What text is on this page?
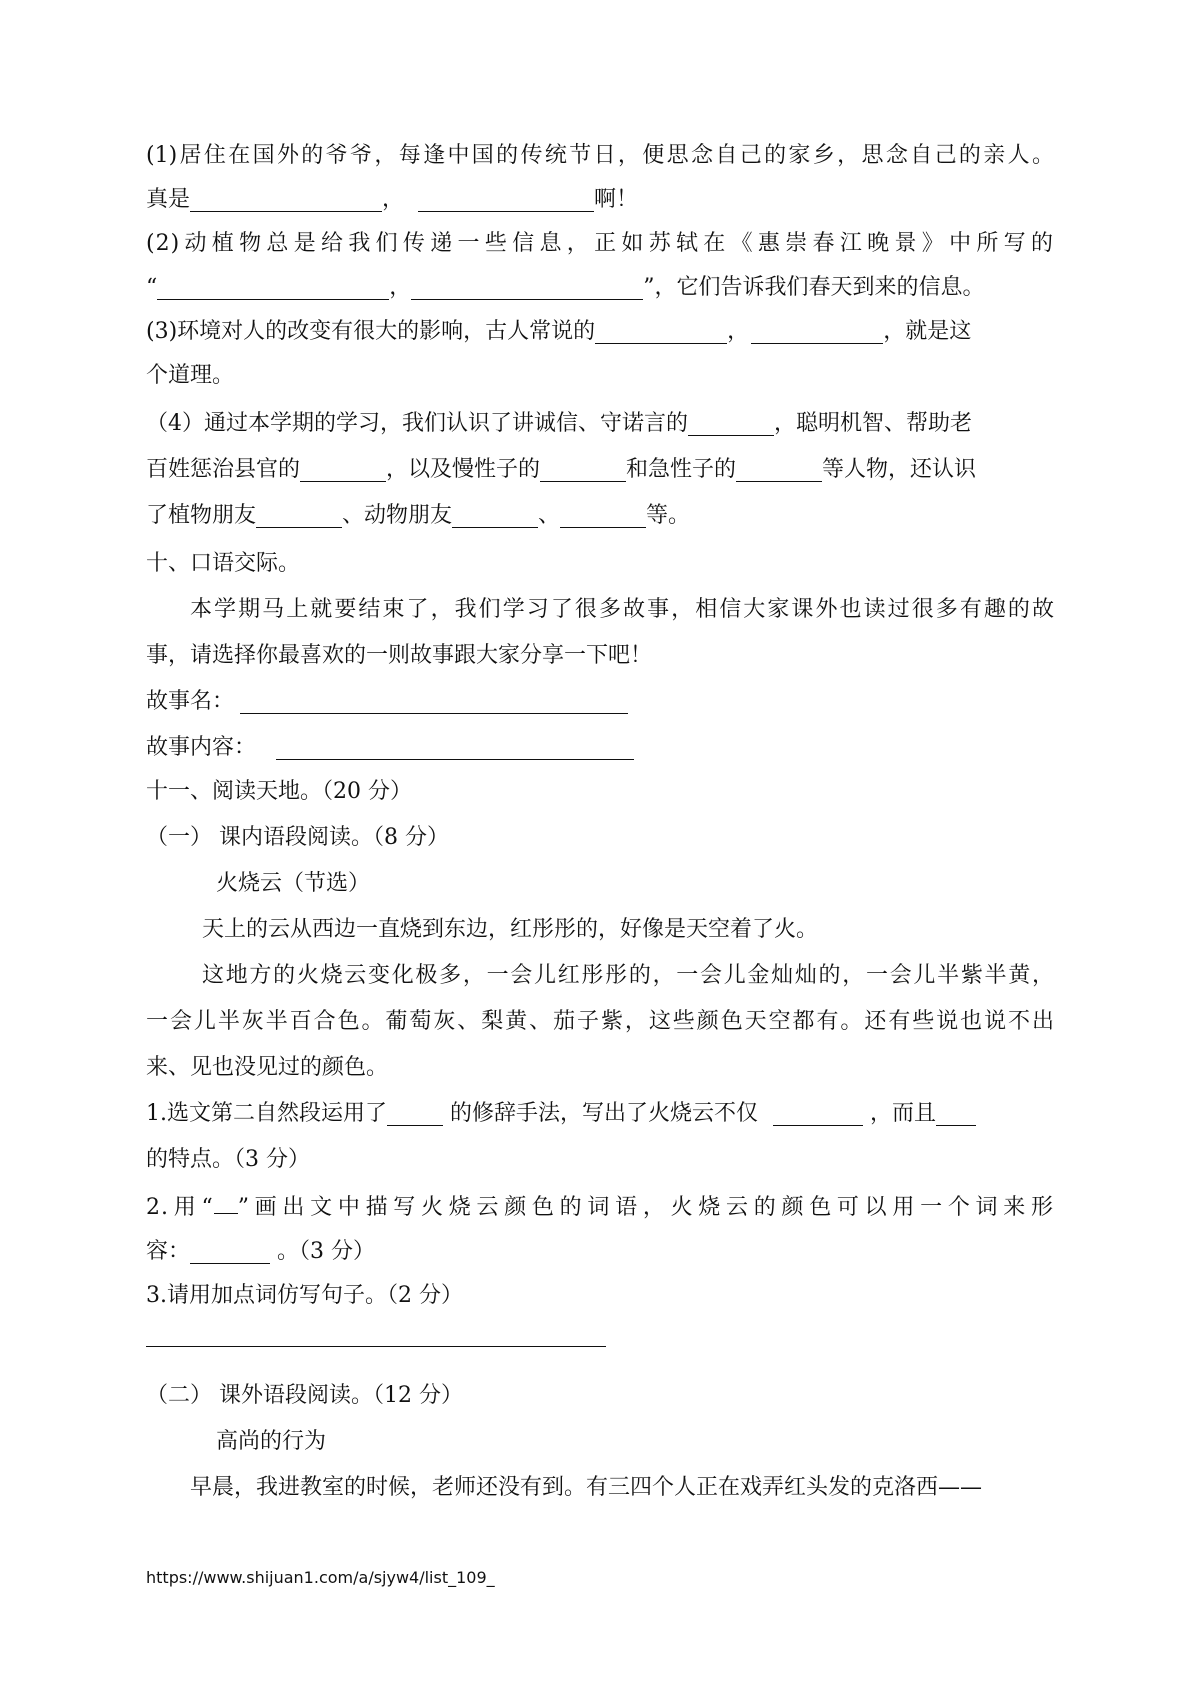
(1)居住在国外的爷爷，每逢中国的传统节日，便思念自己的家乡，思念自己的亲人。
真是	，	啊！
(2)动植物总是给我们传递一些信息，正如苏轼在《惠崇春江晚景》中所写的
“	，	”，它们告诉我们春天到来的信息。
(3)环境对人的改变有很大的影响，古人常说的	，	，就是这
个道理。
（4）通过本学期的学习，我们认识了讲诚信、守诺言的	，聪明机智、帮助老
百姓惩治县官的	，以及慢性子的	和急性子的	等人物，还认识
了植物朋友	、动物朋友	、	等。
十、口语交际。
本学期马上就要结束了，我们学习了很多故事，相信大家课外也读过很多有趣的故
事，请选择你最喜欢的一则故事跟大家分享一下吧！
故事名：
故事内容：
十一、阅读天地。（20 分）
（一） 课内语段阅读。（8 分）
火烧云（节选）
天上的云从西边一直烧到东边，红彤彤的，好像是天空着了火。
这地方的火烧云变化极多，一会儿红彤彤的，一会儿金灿灿的，一会儿半紫半黄，
一会儿半灰半百合色。葡萄灰、梨黄、茄子紫，这些颜色天空都有。还有些说也说不出
来、见也没见过的颜色。
1.选文第二自然段运用了	的修辞手法，写出了火烧云不仅	，而且
的特点。（3 分）
2.用“ ”画出文中描写火烧云颜色的词语，火烧云的颜色可以用一个词来形
容：	。（3 分）
3.请用加点词仿写句子。（2 分）
（二） 课外语段阅读。（12 分）
高尚的行为
早晨，我进教室的时候，老师还没有到。有三四个人正在戏弄红头发的克洛西——
https://www.shijuan1.com/a/sjyw4/list_109_
